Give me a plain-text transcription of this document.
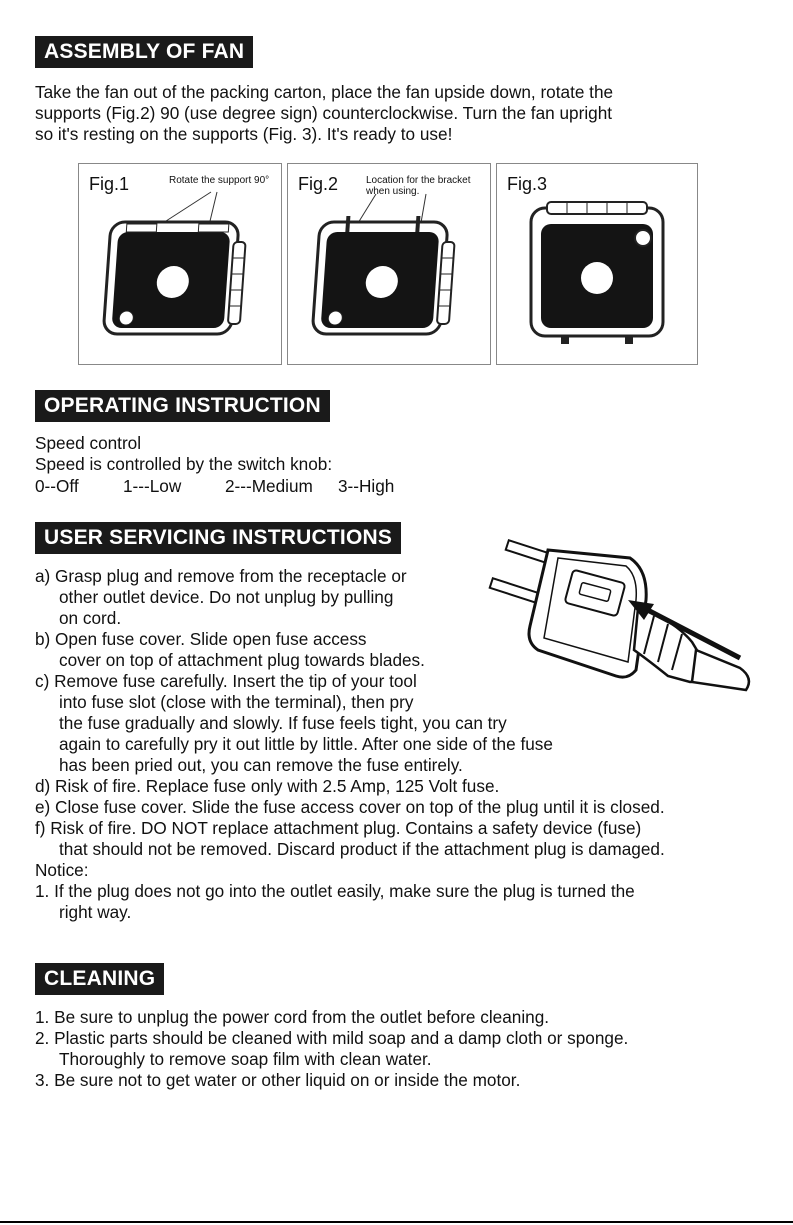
ASSEMBLY OF FAN
Take the fan out of the packing carton, place the fan upside down, rotate the
supports (Fig.2) 90 (use degree sign) counterclockwise. Turn the fan upright
so it's resting on the supports (Fig. 3). It's ready to use!
Fig.1	Rotate the support 90° Fig.2	Location for the bracket
when using.	Fig.3
OPERATING INSTRUCTION
Speed control
Speed is controlled by the switch knob:
0--Off	1---Low	2---Medium 3--High
USER SERVICING INSTRUCTIONS
a) Grasp plug and remove from the receptacle or
other outlet device. Do not unplug by pulling
on cord.
b) Open fuse cover. Slide open fuse access
cover on top of attachment plug towards blades.
c) Remove fuse carefully. Insert the tip of your tool
into fuse slot (close with the terminal), then pry
the fuse gradually and slowly. If fuse feels tight, you can try
again to carefully pry it out little by little. After one side of the fuse
has been pried out, you can remove the fuse entirely.
d) Risk of fire. Replace fuse only with 2.5 Amp, 125 Volt fuse.
e) Close fuse cover. Slide the fuse access cover on top of the plug until it is closed.
f) Risk of fire. DO NOT replace attachment plug. Contains a safety device (fuse)
that should not be removed. Discard product if the attachment plug is damaged.
Notice:
1. If the plug does not go into the outlet easily, make sure the plug is turned the
right way.
CLEANING
1. Be sure to unplug the power cord from the outlet before cleaning.
2. Plastic parts should be cleaned with mild soap and a damp cloth or sponge.
Thoroughly to remove soap film with clean water.
3. Be sure not to get water or other liquid on or inside the motor.
